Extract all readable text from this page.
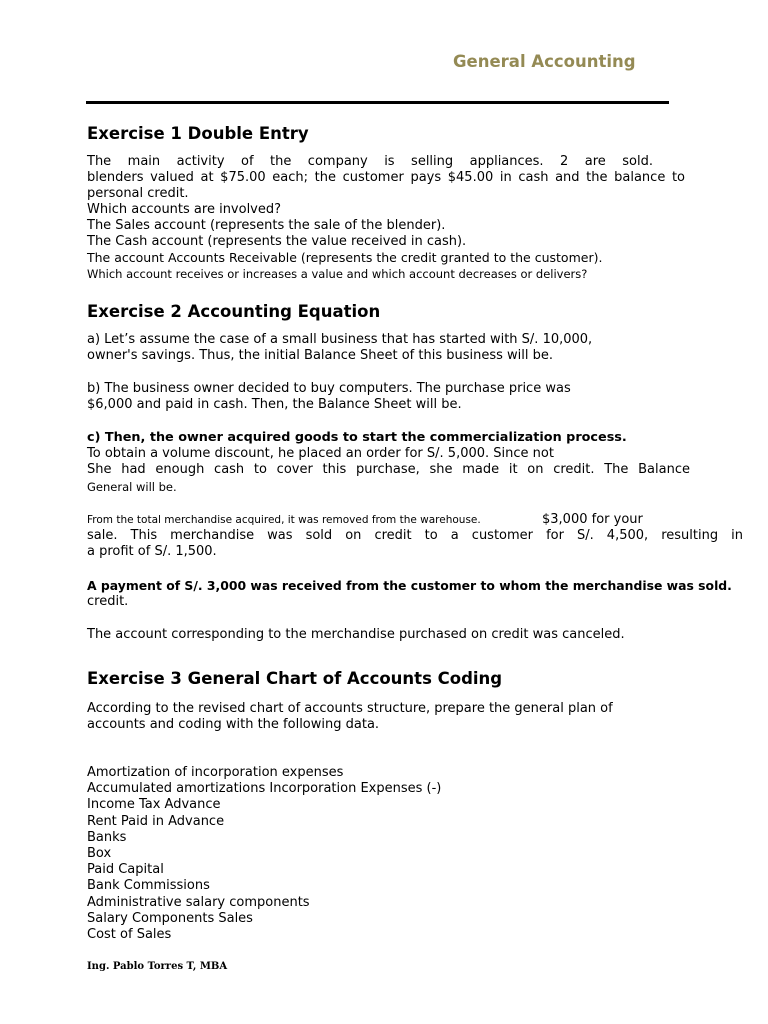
General Accounting
Exercise 1 Double Entry
The main activity of the company is selling appliances. 2 are sold.
blenders valued at $75.00 each; the customer pays $45.00 in cash and the balance to
personal credit.
Which accounts are involved?
The Sales account (represents the sale of the blender).
The Cash account (represents the value received in cash).
The account Accounts Receivable (represents the credit granted to the customer).
Which account receives or increases a value and which account decreases or delivers?
Exercise 2 Accounting Equation
a) Let’s assume the case of a small business that has started with S/. 10,000,
owner's savings. Thus, the initial Balance Sheet of this business will be.
b) The business owner decided to buy computers. The purchase price was
$6,000 and paid in cash. Then, the Balance Sheet will be.
c) Then, the owner acquired goods to start the commercialization process.
To obtain a volume discount, he placed an order for S/. 5,000. Since not
She had enough cash to cover this purchase, she made it on credit. The Balance
General will be.
From the total merchandise acquired, it was removed from the warehouse.	$3,000 for your
sale. This merchandise was sold on credit to a customer for S/. 4,500, resulting in
a profit of S/. 1,500.
A payment of S/. 3,000 was received from the customer to whom the merchandise was sold.
credit.
The account corresponding to the merchandise purchased on credit was canceled.
Exercise 3 General Chart of Accounts Coding
According to the revised chart of accounts structure, prepare the general plan of
accounts and coding with the following data.
Amortization of incorporation expenses
Accumulated amortizations Incorporation Expenses (-)
Income Tax Advance
Rent Paid in Advance
Banks
Box
Paid Capital
Bank Commissions
Administrative salary components
Salary Components Sales
Cost of Sales
Ing. Pablo Torres T, MBA
